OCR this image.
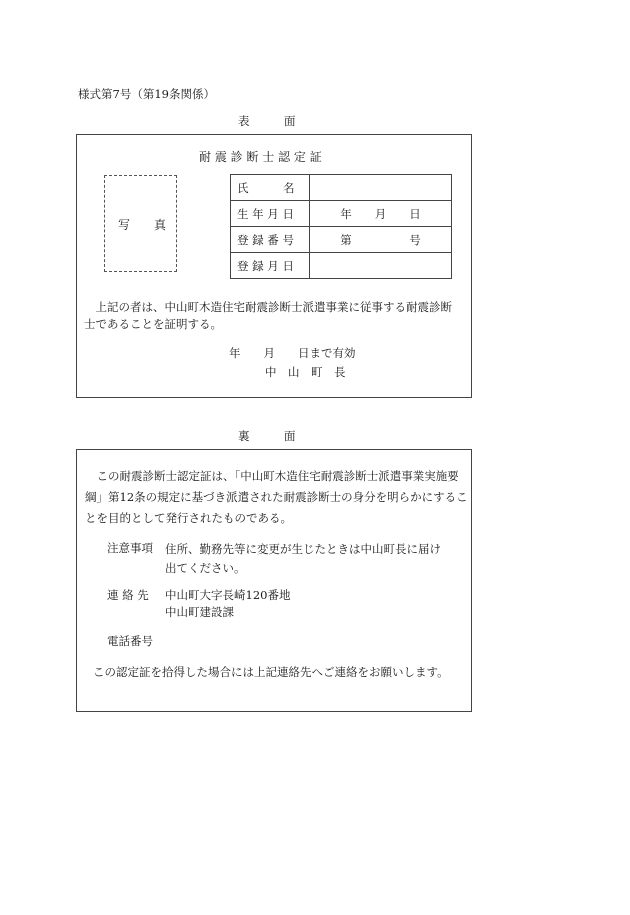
様式第7号（第19条関係）
表　　　面
耐 震 診 断 士 認 定 証
写　　真
氏　　　名	
生 年 月 日	年　　月　　日
登 録 番 号	第　　　　　号
登 録 月 日	
　上記の者は、中山町木造住宅耐震診断士派遣事業に従事する耐震診断
士であることを証明する。
年　　月　　日まで有効
中　山　町　長
裏　　　面
　この耐震診断士認定証は、「中山町木造住宅耐震診断士派遣事業実施要
綱」第12条の規定に基づき派遣された耐震診断士の身分を明らかにするこ
とを目的として発行されたものである。
注意事項 住所、勤務先等に変更が生じたときは中山町長に届け
出てください。
連 絡 先 中山町大字長崎120番地
中山町建設課
電話番号
この認定証を拾得した場合には上記連絡先へご連絡をお願いします。
